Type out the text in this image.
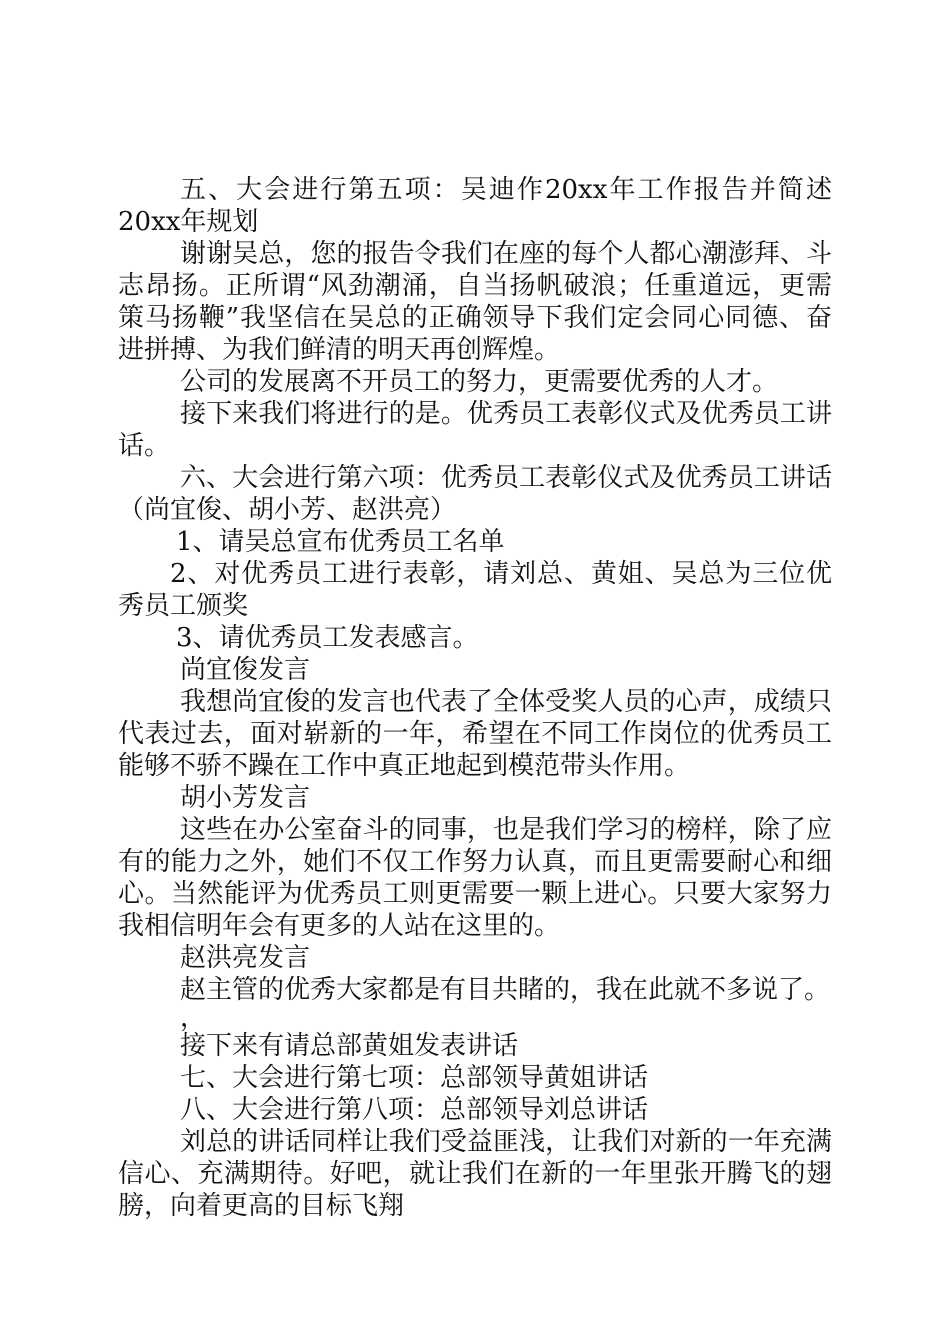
五、大会进行第五项：吴迪作20xx年工作报告并简述20xx年规划

谢谢吴总，您的报告令我们在座的每个人都心潮澎拜、斗志昂扬。正所谓“风劲潮涌，自当扬帆破浪；任重道远，更需策马扬鞭”我坚信在吴总的正确领导下我们定会同心同德、奋进拼搏、为我们鲜清的明天再创辉煌。

公司的发展离不开员工的努力，更需要优秀的人才。

接下来我们将进行的是。优秀员工表彰仪式及优秀员工讲话。

六、大会进行第六项：优秀员工表彰仪式及优秀员工讲话（尚宜俊、胡小芳、赵洪亮）

1、请吴总宣布优秀员工名单

2、对优秀员工进行表彰，请刘总、黄姐、吴总为三位优秀员工颁奖

3、请优秀员工发表感言。

尚宜俊发言

我想尚宜俊的发言也代表了全体受奖人员的心声，成绩只代表过去，面对崭新的一年，希望在不同工作岗位的优秀员工能够不骄不躁在工作中真正地起到模范带头作用。

胡小芳发言

这些在办公室奋斗的同事，也是我们学习的榜样，除了应有的能力之外，她们不仅工作努力认真，而且更需要耐心和细心。当然能评为优秀员工则更需要一颗上进心。只要大家努力我相信明年会有更多的人站在这里的。

赵洪亮发言

赵主管的优秀大家都是有目共睹的，我在此就不多说了。

，

接下来有请总部黄姐发表讲话

七、大会进行第七项：总部领导黄姐讲话

八、大会进行第八项：总部领导刘总讲话

刘总的讲话同样让我们受益匪浅，让我们对新的一年充满信心、充满期待。好吧，就让我们在新的一年里张开腾飞的翅膀，向着更高的目标飞翔
